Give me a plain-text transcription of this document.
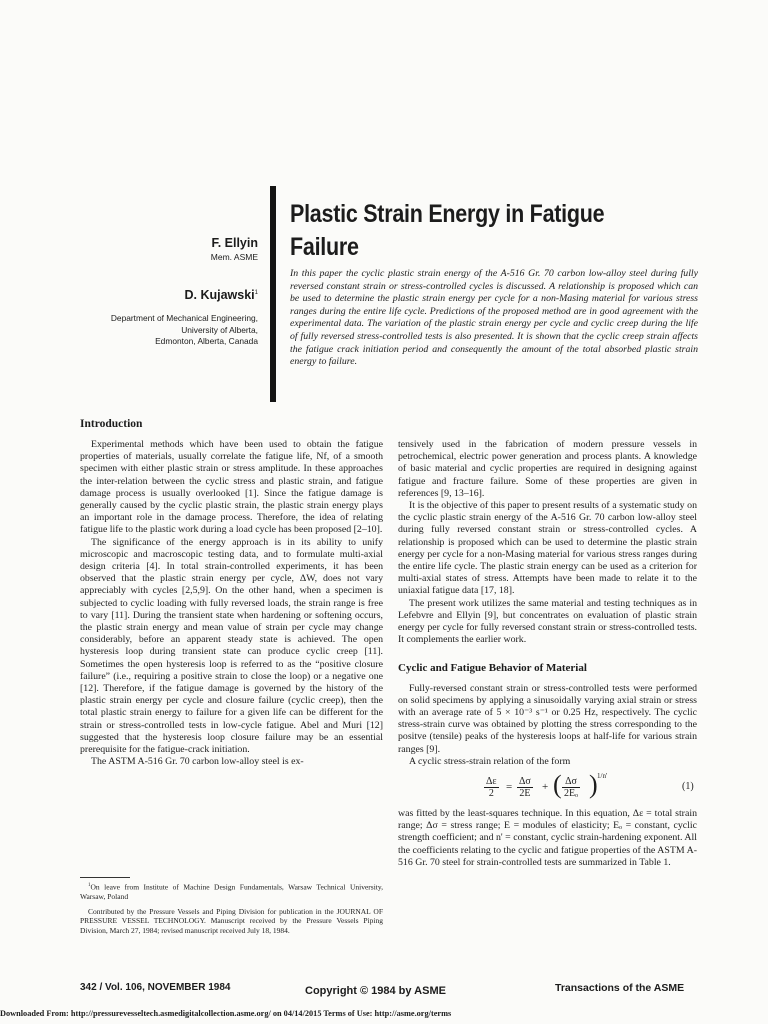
F. Ellyin

Mem. ASME

D. Kujawski$^1$

Department of Mechanical Engineering,
University of Alberta,
Edmonton, Alberta, Canada
Plastic Strain Energy in Fatigue
Failure

In this paper the cyclic plastic strain energy of the A-516 Gr. 70 carbon low-alloy steel during fully reversed constant strain or stress-controlled cycles is discussed. A relationship is proposed which can be used to determine the plastic strain energy per cycle for a non-Masing material for various stress ranges during the entire life cycle. Predictions of the proposed method are in good agreement with the experimental data. The variation of the plastic strain energy per cycle and cyclic creep during the life of fully reversed stress-controlled tests is also presented. It is shown that the cyclic creep strain affects the fatigue crack initiation period and consequently the amount of the total absorbed plastic strain energy to failure.

Introduction

Experimental methods which have been used to obtain the fatigue properties of materials, usually correlate the fatigue life, Nf, of a smooth specimen with either plastic strain or stress amplitude. In these approaches the inter-relation between the cyclic stress and plastic strain, and fatigue damage process is usually overlooked [1]. Since the fatigue damage is generally caused by the cyclic plastic strain, the plastic strain energy plays an important role in the damage process. Therefore, the idea of relating fatigue life to the plastic work during a load cycle has been proposed [2–10].

The significance of the energy approach is in its ability to unify microscopic and macroscopic testing data, and to formulate multi-axial design criteria [4]. In total strain-controlled experiments, it has been observed that the plastic strain energy per cycle, ΔW, does not vary appreciably with cycles [2,5,9]. On the other hand, when a specimen is subjected to cyclic loading with fully reversed loads, the strain range is free to vary [11]. During the transient state when hardening or softening occurs, the plastic strain energy and mean value of strain per cycle may change considerably, before an apparent steady state is achieved. The open hysteresis loop during transient state can produce cyclic creep [11]. Sometimes the open hysteresis loop is referred to as the “positive closure failure” (i.e., requiring a positive strain to close the loop) or a negative one [12]. Therefore, if the fatigue damage is governed by the history of the plastic strain energy per cycle and closure failure (cyclic creep), then the total plastic strain energy to failure for a given life can be different for the strain or stress-controlled tests in low-cycle fatigue. Abel and Muri [12] suggested that the hysteresis loop closure failure may be an essential prerequisite for the fatigue-crack initiation.

The ASTM A-516 Gr. 70 carbon low-alloy steel is ex-

tensively used in the fabrication of modern pressure vessels in petrochemical, electric power generation and process plants. A knowledge of basic material and cyclic properties are required in designing against fatigue and fracture failure. Some of these properties are given in references [9, 13–16].

It is the objective of this paper to present results of a systematic study on the cyclic plastic strain energy of the A-516 Gr. 70 carbon low-alloy steel during fully reversed constant strain or stress-controlled cycles. A relationship is proposed which can be used to determine the plastic strain energy per cycle for a non-Masing material for various stress ranges during the entire life cycle. The plastic strain energy can be used as a criterion for multi-axial states of stress. Attempts have been made to relate it to the uniaxial fatigue data [17, 18].

The present work utilizes the same material and testing techniques as in Lefebvre and Ellyin [9], but concentrates on evaluation of plastic strain energy per cycle for fully reversed constant strain or stress-controlled tests. It complements the earlier work.

Cyclic and Fatigue Behavior of Material

Fully-reversed constant strain or stress-controlled tests were performed on solid specimens by applying a sinusoidally varying axial strain or stress with an average rate of 5 × 10⁻³ s⁻¹ or 0.25 Hz, respectively. The cyclic stress-strain curve was obtained by plotting the stress corresponding to the positve (tensile) peaks of the hysteresis loops at half-life for various strain ranges [9].

A cyclic stress-strain relation of the form

$\frac{\Delta\varepsilon}{2} = \frac{\Delta\sigma}{2E}$ + ( $\frac{\Delta\sigma}{\text{2Eₒ}}$ ) 1/n'
(1)

was fitted by the least-squares technique. In this equation, Δε = total strain range; Δσ = stress range; E = modules of elasticity; Eₒ = constant, cyclic strength coefficient; and n' = constant, cyclic strain-hardening exponent. All the coefficients relating to the cyclic and fatigue properties of the ASTM A-516 Gr. 70 steel for strain-controlled tests are summarized in Table 1.

$^1$On leave from Institute of Machine Design Fundamentals, Warsaw Technical University, Warsaw, Poland

Contributed by the Pressure Vessels and Piping Division for publication in the JOURNAL OF PRESSURE VESSEL TECHNOLOGY. Manuscript received by the Pressure Vessels Piping Division, March 27, 1984; revised manuscript received July 18, 1984.

342 / Vol. 106, NOVEMBER 1984	Copyright © 1984 by ASME	Transactions of the ASME
Downloaded From: http://pressurevesseltech.asmedigitalcollection.asme.org/ on 04/14/2015 Terms of Use: http://asme.org/terms
